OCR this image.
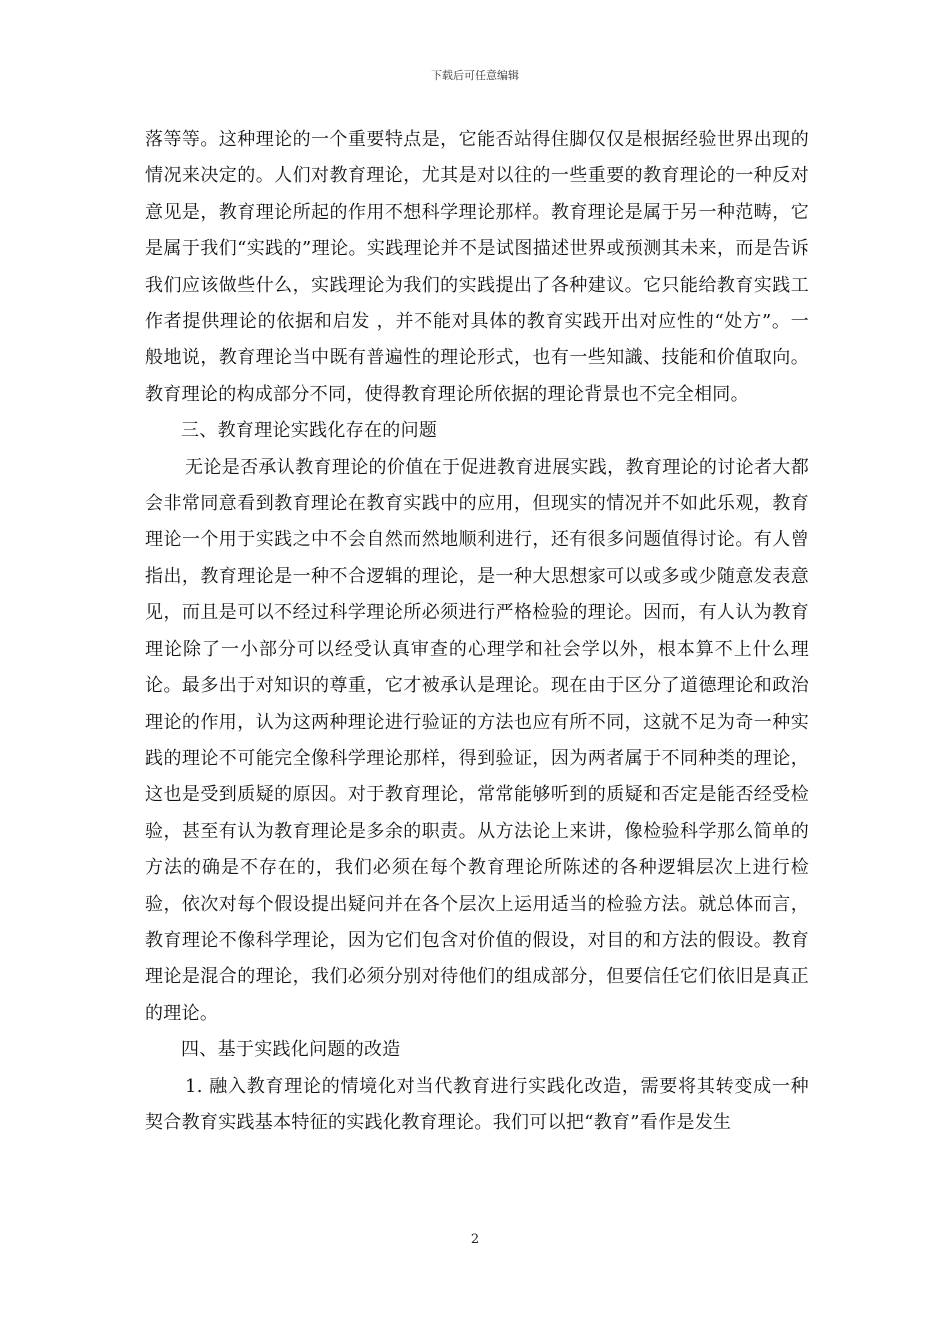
下载后可任意编辑

落等等。这种理论的一个重要特点是，它能否站得住脚仅仅是根据经验世界出现的情况来决定的。人们对教育理论，尤其是对以往的一些重要的教育理论的一种反对意见是，教育理论所起的作用不想科学理论那样。教育理论是属于另一种范畴，它是属于我们“实践的”理论。实践理论并不是试图描述世界或预测其未来，而是告诉我们应该做些什么，实践理论为我们的实践提出了各种建议。它只能给教育实践工作者提供理论的依据和启发 ，并不能对具体的教育实践开出对应性的“处方”。一般地说，教育理论当中既有普遍性的理论形式，也有一些知識、技能和价值取向。教育理论的构成部分不同，使得教育理论所依据的理论背景也不完全相同。

三、教育理论实践化存在的问题

无论是否承认教育理论的价值在于促进教育进展实践，教育理论的讨论者大都会非常同意看到教育理论在教育实践中的应用，但现实的情况并不如此乐观，教育理论一个用于实践之中不会自然而然地顺利进行，还有很多问题值得讨论。有人曾指出，教育理论是一种不合逻辑的理论，是一种大思想家可以或多或少随意发表意见，而且是可以不经过科学理论所必须进行严格检验的理论。因而，有人认为教育理论除了一小部分可以经受认真审查的心理学和社会学以外，根本算不上什么理论。最多出于对知识的尊重，它才被承认是理论。现在由于区分了道德理论和政治理论的作用，认为这两种理论进行验证的方法也应有所不同，这就不足为奇一种实践的理论不可能完全像科学理论那样，得到验证，因为两者属于不同种类的理论，这也是受到质疑的原因。对于教育理论，常常能够听到的质疑和否定是能否经受检验，甚至有认为教育理论是多余的职责。从方法论上来讲，像检验科学那么简单的方法的确是不存在的，我们必须在每个教育理论所陈述的各种逻辑层次上进行检验，依次对每个假设提出疑问并在各个层次上运用适当的检验方法。就总体而言，教育理论不像科学理论，因为它们包含对价值的假设，对目的和方法的假设。教育理论是混合的理论，我们必须分别对待他们的组成部分，但要信任它们依旧是真正的理论。

四、基于实践化问题的改造

1. 融入教育理论的情境化对当代教育进行实践化改造，需要将其转变成一种契合教育实践基本特征的实践化教育理论。我们可以把“教育”看作是发生

2
